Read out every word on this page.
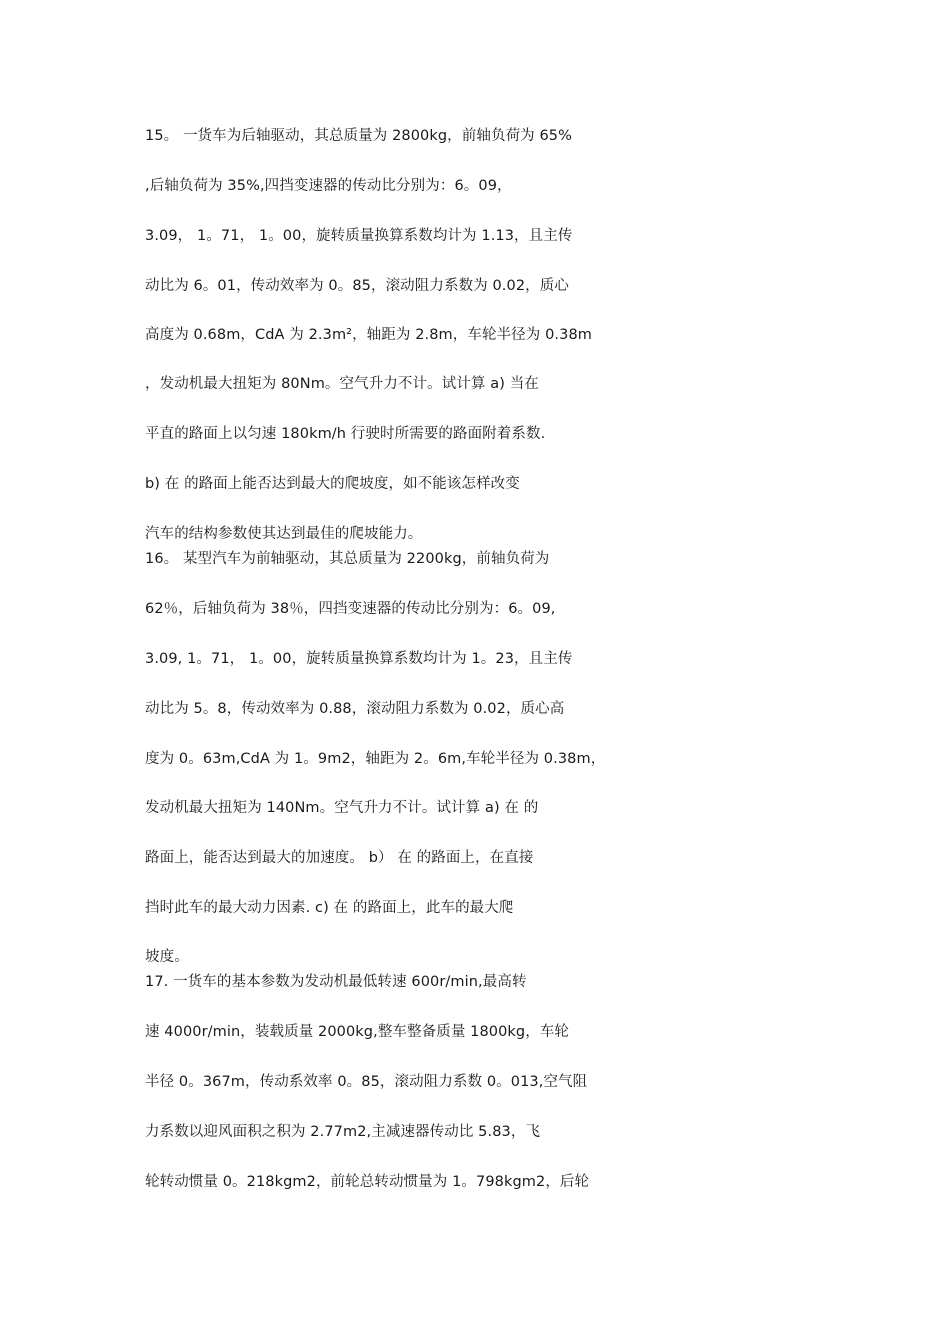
15。 一货车为后轴驱动，其总质量为 2800kg，前轴负荷为 65%
,后轴负荷为 35%,四挡变速器的传动比分别为：6。09，
3.09， 1。71， 1。00，旋转质量换算系数均计为 1.13，且主传
动比为 6。01，传动效率为 0。85，滚动阻力系数为 0.02，质心
高度为 0.68m，CdA 为 2.3m²，轴距为 2.8m，车轮半径为 0.38m
，发动机最大扭矩为 80Nm。空气升力不计。试计算 a) 当在
平直的路面上以匀速 180km/h 行驶时所需要的路面附着系数.
b) 在 的路面上能否达到最大的爬坡度，如不能该怎样改变
汽车的结构参数使其达到最佳的爬坡能力。
16。 某型汽车为前轴驱动，其总质量为 2200kg，前轴负荷为
62％，后轴负荷为 38％，四挡变速器的传动比分别为：6。09,
3.09, 1。71， 1。00，旋转质量换算系数均计为 1。23，且主传
动比为 5。8，传动效率为 0.88，滚动阻力系数为 0.02，质心高
度为 0。63m,CdA 为 1。9m2，轴距为 2。6m,车轮半径为 0.38m，
发动机最大扭矩为 140Nm。空气升力不计。试计算 a) 在 的
路面上，能否达到最大的加速度。 b） 在 的路面上，在直接
挡时此车的最大动力因素. c) 在 的路面上，此车的最大爬
坡度。
17. 一货车的基本参数为发动机最低转速 600r/min,最高转
速 4000r/min，装载质量 2000kg,整车整备质量 1800kg，车轮
半径 0。367m，传动系效率 0。85，滚动阻力系数 0。013,空气阻
力系数以迎风面积之积为 2.77m2,主减速器传动比 5.83，飞
轮转动惯量 0。218kgm2，前轮总转动惯量为 1。798kgm2，后轮
